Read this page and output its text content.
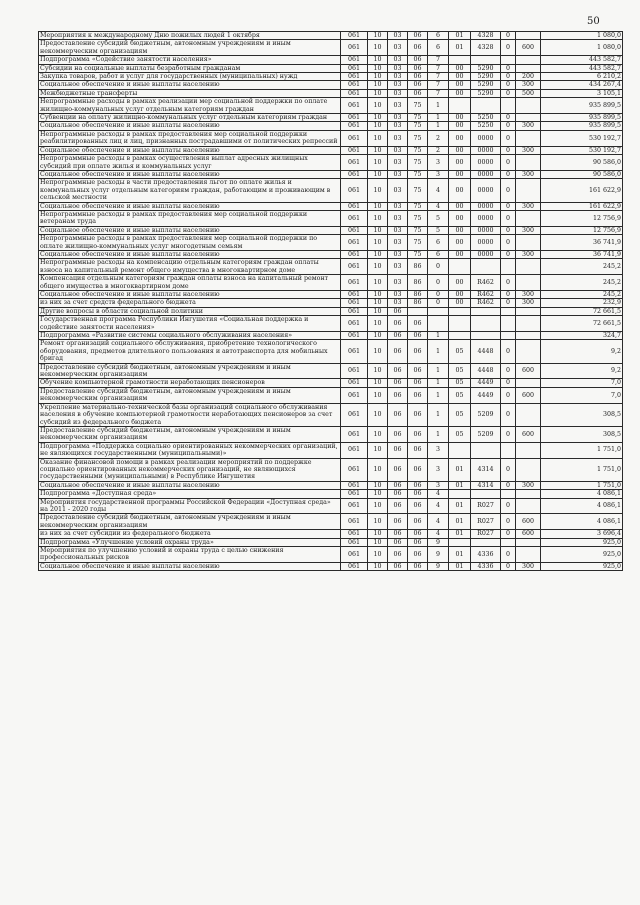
50
Мероприятия к международному Дню пожилых людей 1 октября	061	10	03	06	6	01	4328	0		1 080,0
Предоставление субсидий бюджетным, автономным учреждениям и иным некоммерческим организациям	061	10	03	06	6	01	4328	0	600	1 080,0
Подпрограмма «Содействие занятости населения»	061	10	03	06	7					443 582,7
Субсидии на социальные выплаты безработным гражданам	061	10	03	06	7	00	5290	0		443 582,7
Закупка товаров, работ и услуг для государственных (муниципальных) нужд	061	10	03	06	7	00	5290	0	200	6 210,2
Социальное обеспечение и иные выплаты населению	061	10	03	06	7	00	5290	0	300	434 267,4
Межбюджетные трансферты	061	10	03	06	7	00	5290	0	500	3 105,1
Непрограммные расходы в рамках реализации мер социальной поддержки по оплате жилищно-коммунальных услуг отдельным категориям граждан	061	10	03	75	1					935 899,5
Субвенции на оплату жилищно-коммунальных услуг отдельным категориям граждан	061	10	03	75	1	00	5250	0		935 899,5
Социальное обеспечение и иные выплаты населению	061	10	03	75	1	00	5250	0	300	935 899,5
Непрограммные расходы в рамках предоставления мер социальной поддержки реабилитированных лиц и лиц, признанных пострадавшими от политических репрессий	061	10	03	75	2	00	0000	0		530 192,7
Социальное обеспечение и иные выплаты населению	061	10	03	75	2	00	0000	0	300	530 192,7
Непрограммные расходы в рамках осуществления выплат адресных жилищных субсидий при оплате жилья и коммунальных услуг	061	10	03	75	3	00	0000	0		90 586,0
Социальное обеспечение и иные выплаты населению	061	10	03	75	3	00	0000	0	300	90 586,0
Непрограммные расходы в части предоставления льгот по оплате жилья и коммунальных услуг отдельным категориям граждан, работающим и проживающим в сельской местности	061	10	03	75	4	00	0000	0		161 622,9
Социальное обеспечение и иные выплаты населению	061	10	03	75	4	00	0000	0	300	161 622,9
Непрограммные расходы в рамках предоставления мер социальной поддержки ветеранам труда	061	10	03	75	5	00	0000	0		12 756,9
Социальное обеспечение и иные выплаты населению	061	10	03	75	5	00	0000	0	300	12 756,9
Непрограммные расходы в рамках предоставления мер социальной поддержки по оплате жилищно-коммунальных услуг многодетным семьям	061	10	03	75	6	00	0000	0		36 741,9
Социальное обеспечение и иные выплаты населению	061	10	03	75	6	00	0000	0	300	36 741,9
Непрограммные расходы на компенсацию отдельным категориям граждан оплаты взноса на капитальный ремонт общего имущества в многоквартирном доме	061	10	03	86	0					245,2
Компенсация отдельным категориям граждан оплаты взноса на капитальный ремонт общего имущества в многоквартирном доме	061	10	03	86	0	00	R462	0		245,2
Социальное обеспечение и иные выплаты населению	061	10	03	86	0	00	R462	0	300	245,2
из них за счет средств федерального бюджета	061	10	03	86	0	00	R462	0	300	232,9
Другие вопросы в области социальной политики	061	10	06							72 661,5
Государственная программа Республики Ингушетия «Социальная поддержка и содействие занятости населения»	061	10	06	06						72 661,5
Подпрограмма «Развитие системы социального обслуживания населения»	061	10	06	06	1					324,7
Ремонт организаций социального обслуживания, приобретение технологического оборудования, предметов длительного пользования и автотранспорта для мобильных бригад	061	10	06	06	1	05	4448	0		9,2
Предоставление субсидий бюджетным, автономным учреждениям и иным некоммерческим организациям	061	10	06	06	1	05	4448	0	600	9,2
Обучение компьютерной грамотности неработающих пенсионеров	061	10	06	06	1	05	4449	0		7,0
Предоставление субсидий бюджетным, автономным учреждениям и иным некоммерческим организациям	061	10	06	06	1	05	4449	0	600	7,0
Укрепление материально-технической базы организаций социального обслуживания населения в обучение компьютерной грамотности неработающих пенсионеров за счет субсидий из федерального бюджета	061	10	06	06	1	05	5209	0		308,5
Предоставление субсидий бюджетным, автономным учреждениям и иным некоммерческим организациям	061	10	06	06	1	05	5209	0	600	308,5
Подпрограмма «Поддержка социально ориентированных некоммерческих организаций, не являющихся государственными (муниципальными)»	061	10	06	06	3					1 751,0
Оказание финансовой помощи в рамках реализации мероприятий по поддержке социально ориентированных некоммерческих организаций, не являющихся государственными (муниципальными) в Республике Ингушетия	061	10	06	06	3	01	4314	0		1 751,0
Социальное обеспечение и иные выплаты населению	061	10	06	06	3	01	4314	0	300	1 751,0
Подпрограмма «Доступная среда»	061	10	06	06	4					4 086,1
Мероприятия государственной программы Российской Федерации «Доступная среда» на 2011 - 2020 годы	061	10	06	06	4	01	R027	0		4 086,1
Предоставление субсидий бюджетным, автономным учреждениям и иным некоммерческим организациям	061	10	06	06	4	01	R027	0	600	4 086,1
из них за счет субсидии из федерального бюджета	061	10	06	06	4	01	R027	0	600	3 696,4
Подпрограмма «Улучшение условий охраны труда»	061	10	06	06	9					925,0
Мероприятия по улучшению условий и охраны труда с целью снижения профессиональных рисков	061	10	06	06	9	01	4336	0		925,0
Социальное обеспечение и иные выплаты населению	061	10	06	06	9	01	4336	0	300	925,0
